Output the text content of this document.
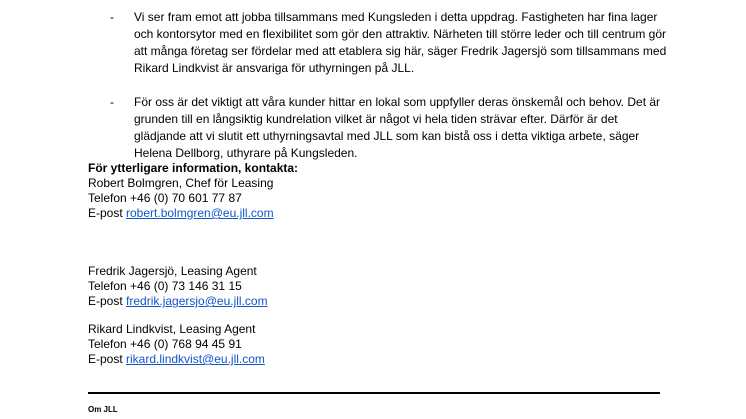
- Vi ser fram emot att jobba tillsammans med Kungsleden i detta uppdrag. Fastigheten har fina lager och kontorsytor med en flexibilitet som gör den attraktiv. Närheten till större leder och till centrum gör att många företag ser fördelar med att etablera sig här, säger Fredrik Jagersjö som tillsammans med Rikard Lindkvist är ansvariga för uthyrningen på JLL.
- För oss är det viktigt att våra kunder hittar en lokal som uppfyller deras önskemål och behov. Det är grunden till en långsiktig kundrelation vilket är något vi hela tiden strävar efter. Därför är det glädjande att vi slutit ett uthyrningsavtal med JLL som kan bistå oss i detta viktiga arbete, säger Helena Dellborg, uthyrare på Kungsleden.
För ytterligare information, kontakta:
Robert Bolmgren, Chef för Leasing
Telefon +46 (0) 70 601 77 87
E-post robert.bolmgren@eu.jll.com
Fredrik Jagersjö, Leasing Agent
Telefon +46 (0) 73 146 31 15
E-post fredrik.jagersjo@eu.jll.com
Rikard Lindkvist, Leasing Agent
Telefon +46 (0) 768 94 45 91
E-post rikard.lindkvist@eu.jll.com
Om JLL
